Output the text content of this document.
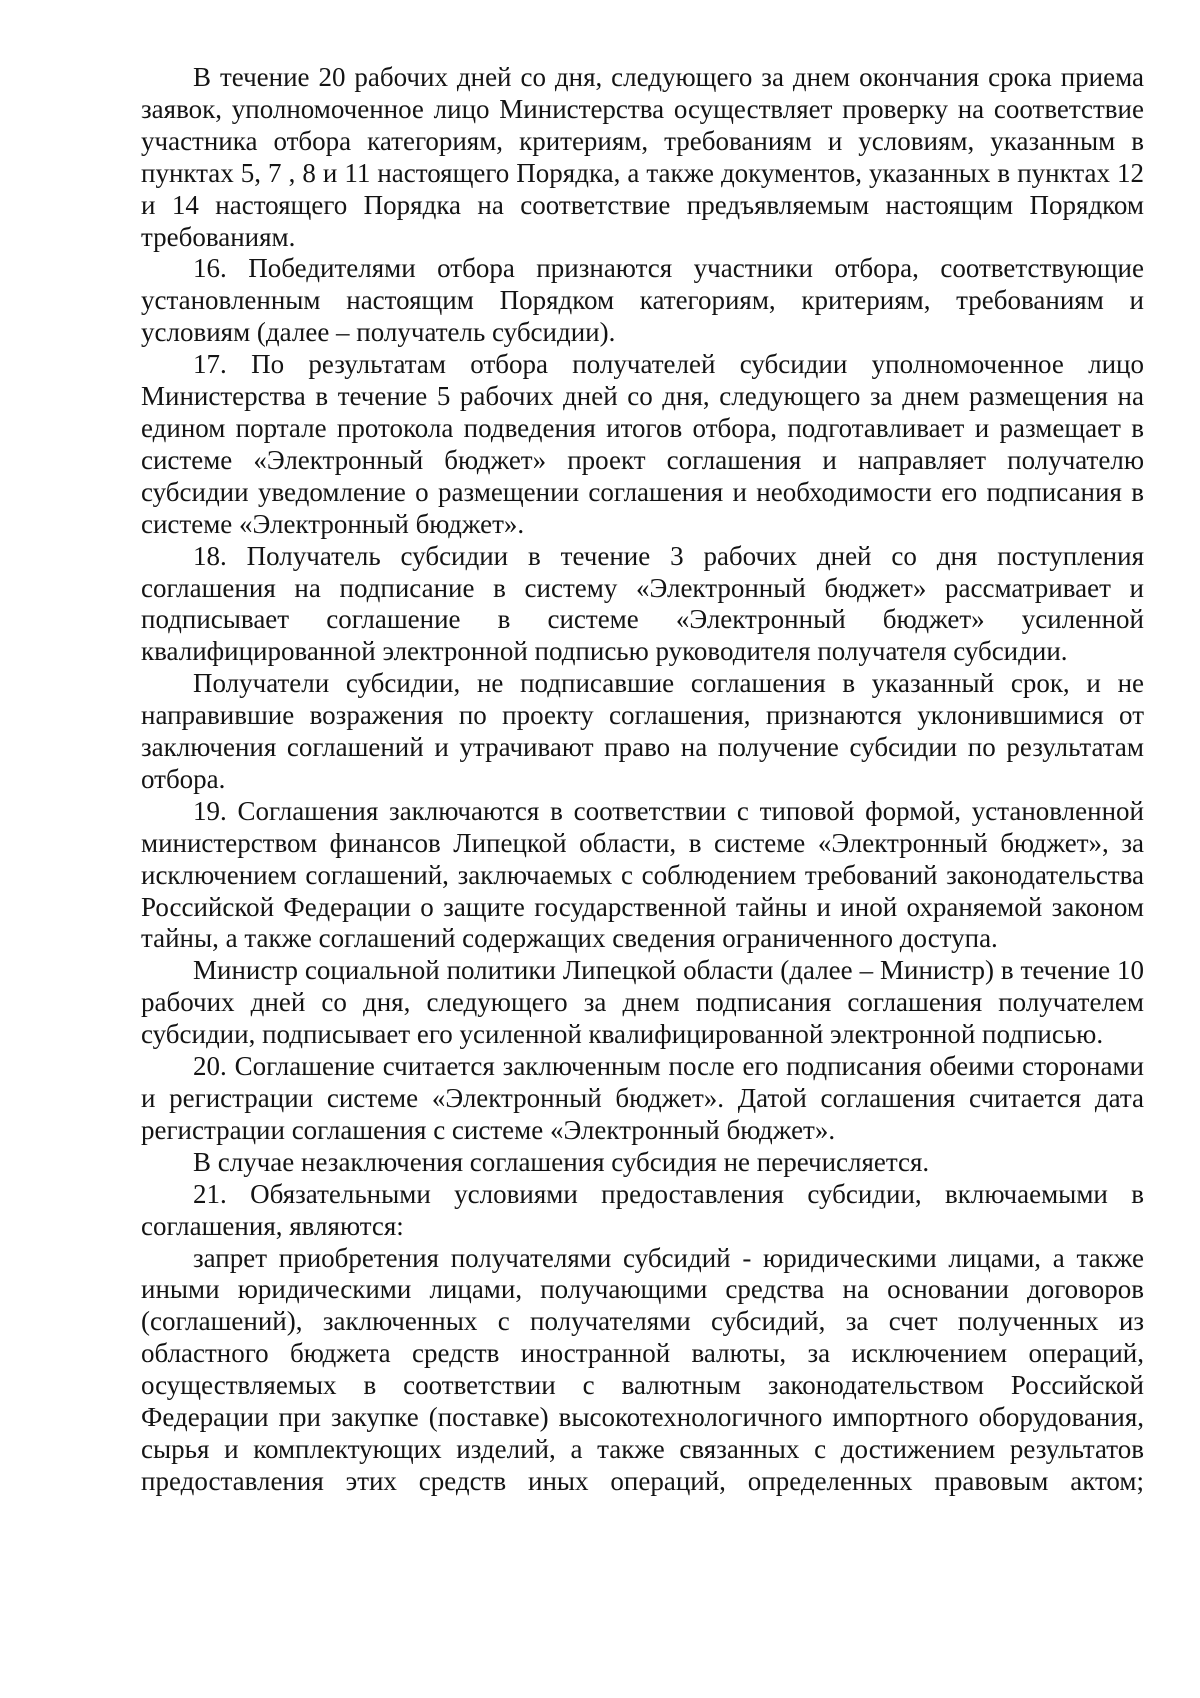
В течение 20 рабочих дней со дня, следующего за днем окончания срока приема заявок, уполномоченное лицо Министерства осуществляет проверку на соответствие участника отбора категориям, критериям, требованиям и условиям, указанным в пунктах 5, 7 , 8 и 11 настоящего Порядка, а также документов, указанных в пунктах 12 и 14 настоящего Порядка на соответствие предъявляемым настоящим Порядком требованиям.

16. Победителями отбора признаются участники отбора, соответствующие установленным настоящим Порядком категориям, критериям, требованиям и условиям (далее – получатель субсидии).

17. По результатам отбора получателей субсидии уполномоченное лицо Министерства в течение 5 рабочих дней со дня, следующего за днем размещения на едином портале протокола подведения итогов отбора, подготавливает и размещает в системе «Электронный бюджет» проект соглашения и направляет получателю субсидии уведомление о размещении соглашения и необходимости его подписания в системе «Электронный бюджет».

18. Получатель субсидии в течение 3 рабочих дней со дня поступления соглашения на подписание в систему «Электронный бюджет» рассматривает и подписывает соглашение в системе «Электронный бюджет» усиленной квалифицированной электронной подписью руководителя получателя субсидии.

Получатели субсидии, не подписавшие соглашения в указанный срок, и не направившие возражения по проекту соглашения, признаются уклонившимися от заключения соглашений и утрачивают право на получение субсидии по результатам отбора.

19. Соглашения заключаются в соответствии с типовой формой, установленной министерством финансов Липецкой области, в системе «Электронный бюджет», за исключением соглашений, заключаемых с соблюдением требований законодательства Российской Федерации о защите государственной тайны и иной охраняемой законом тайны, а также соглашений содержащих сведения ограниченного доступа.

Министр социальной политики Липецкой области (далее – Министр) в течение 10 рабочих дней со дня, следующего за днем подписания соглашения получателем субсидии, подписывает его усиленной квалифицированной электронной подписью.

20. Соглашение считается заключенным после его подписания обеими сторонами и регистрации системе «Электронный бюджет». Датой соглашения считается дата регистрации соглашения с системе «Электронный бюджет».

В случае незаключения соглашения субсидия не перечисляется.

21. Обязательными условиями предоставления субсидии, включаемыми в соглашения, являются:

запрет приобретения получателями субсидий - юридическими лицами, а также иными юридическими лицами, получающими средства на основании договоров (соглашений), заключенных с получателями субсидий, за счет полученных из областного бюджета средств иностранной валюты, за исключением операций, осуществляемых в соответствии с валютным законодательством Российской Федерации при закупке (поставке) высокотехнологичного импортного оборудования, сырья и комплектующих изделий, а также связанных с достижением результатов предоставления этих средств иных операций, определенных правовым актом;
